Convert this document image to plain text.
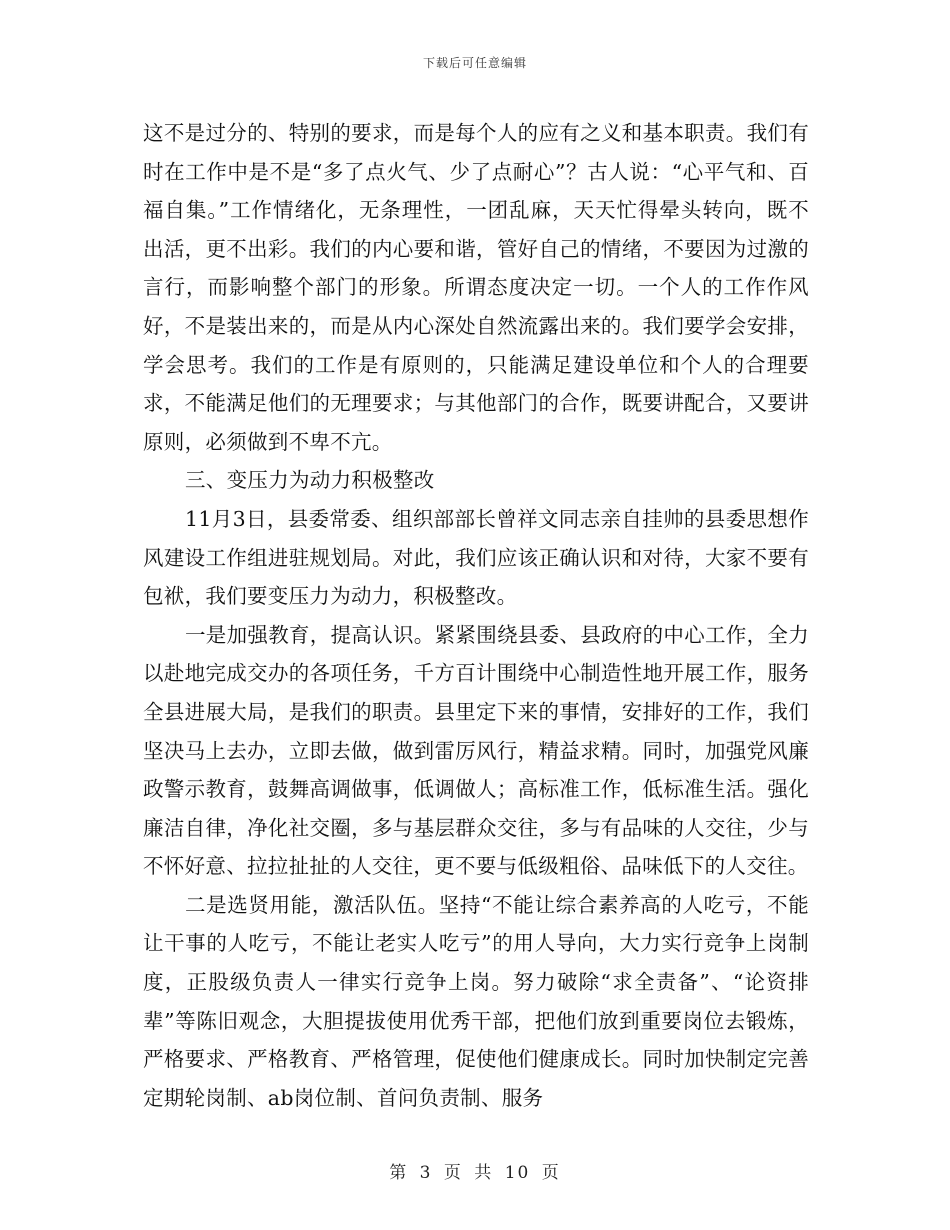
下载后可任意编辑

这不是过分的、特别的要求，而是每个人的应有之义和基本职责。我们有时在工作中是不是“多了点火气、少了点耐心”？古人说：“心平气和、百福自集。”工作情绪化，无条理性，一团乱麻，天天忙得晕头转向，既不出活，更不出彩。我们的内心要和谐，管好自己的情绪，不要因为过激的言行，而影响整个部门的形象。所谓态度决定一切。一个人的工作作风好，不是装出来的，而是从内心深处自然流露出来的。我们要学会安排，学会思考。我们的工作是有原则的，只能满足建设单位和个人的合理要求，不能满足他们的无理要求；与其他部门的合作，既要讲配合，又要讲原则，必须做到不卑不亢。

三、变压力为动力积极整改

11月3日，县委常委、组织部部长曾祥文同志亲自挂帅的县委思想作风建设工作组进驻规划局。对此，我们应该正确认识和对待，大家不要有包袱，我们要变压力为动力，积极整改。

一是加强教育，提高认识。紧紧围绕县委、县政府的中心工作，全力以赴地完成交办的各项任务，千方百计围绕中心制造性地开展工作，服务全县进展大局，是我们的职责。县里定下来的事情，安排好的工作，我们坚决马上去办，立即去做，做到雷厉风行，精益求精。同时，加强党风廉政警示教育，鼓舞高调做事，低调做人；高标准工作，低标准生活。强化廉洁自律，净化社交圈，多与基层群众交往，多与有品味的人交往，少与不怀好意、拉拉扯扯的人交往，更不要与低级粗俗、品味低下的人交往。

二是选贤用能，激活队伍。坚持“不能让综合素养高的人吃亏，不能让干事的人吃亏，不能让老实人吃亏”的用人导向，大力实行竞争上岗制度，正股级负责人一律实行竞争上岗。努力破除“求全责备”、“论资排辈”等陈旧观念，大胆提拔使用优秀干部，把他们放到重要岗位去锻炼，严格要求、严格教育、严格管理，促使他们健康成长。同时加快制定完善定期轮岗制、ab岗位制、首问负责制、服务

第 3 页 共 10 页
